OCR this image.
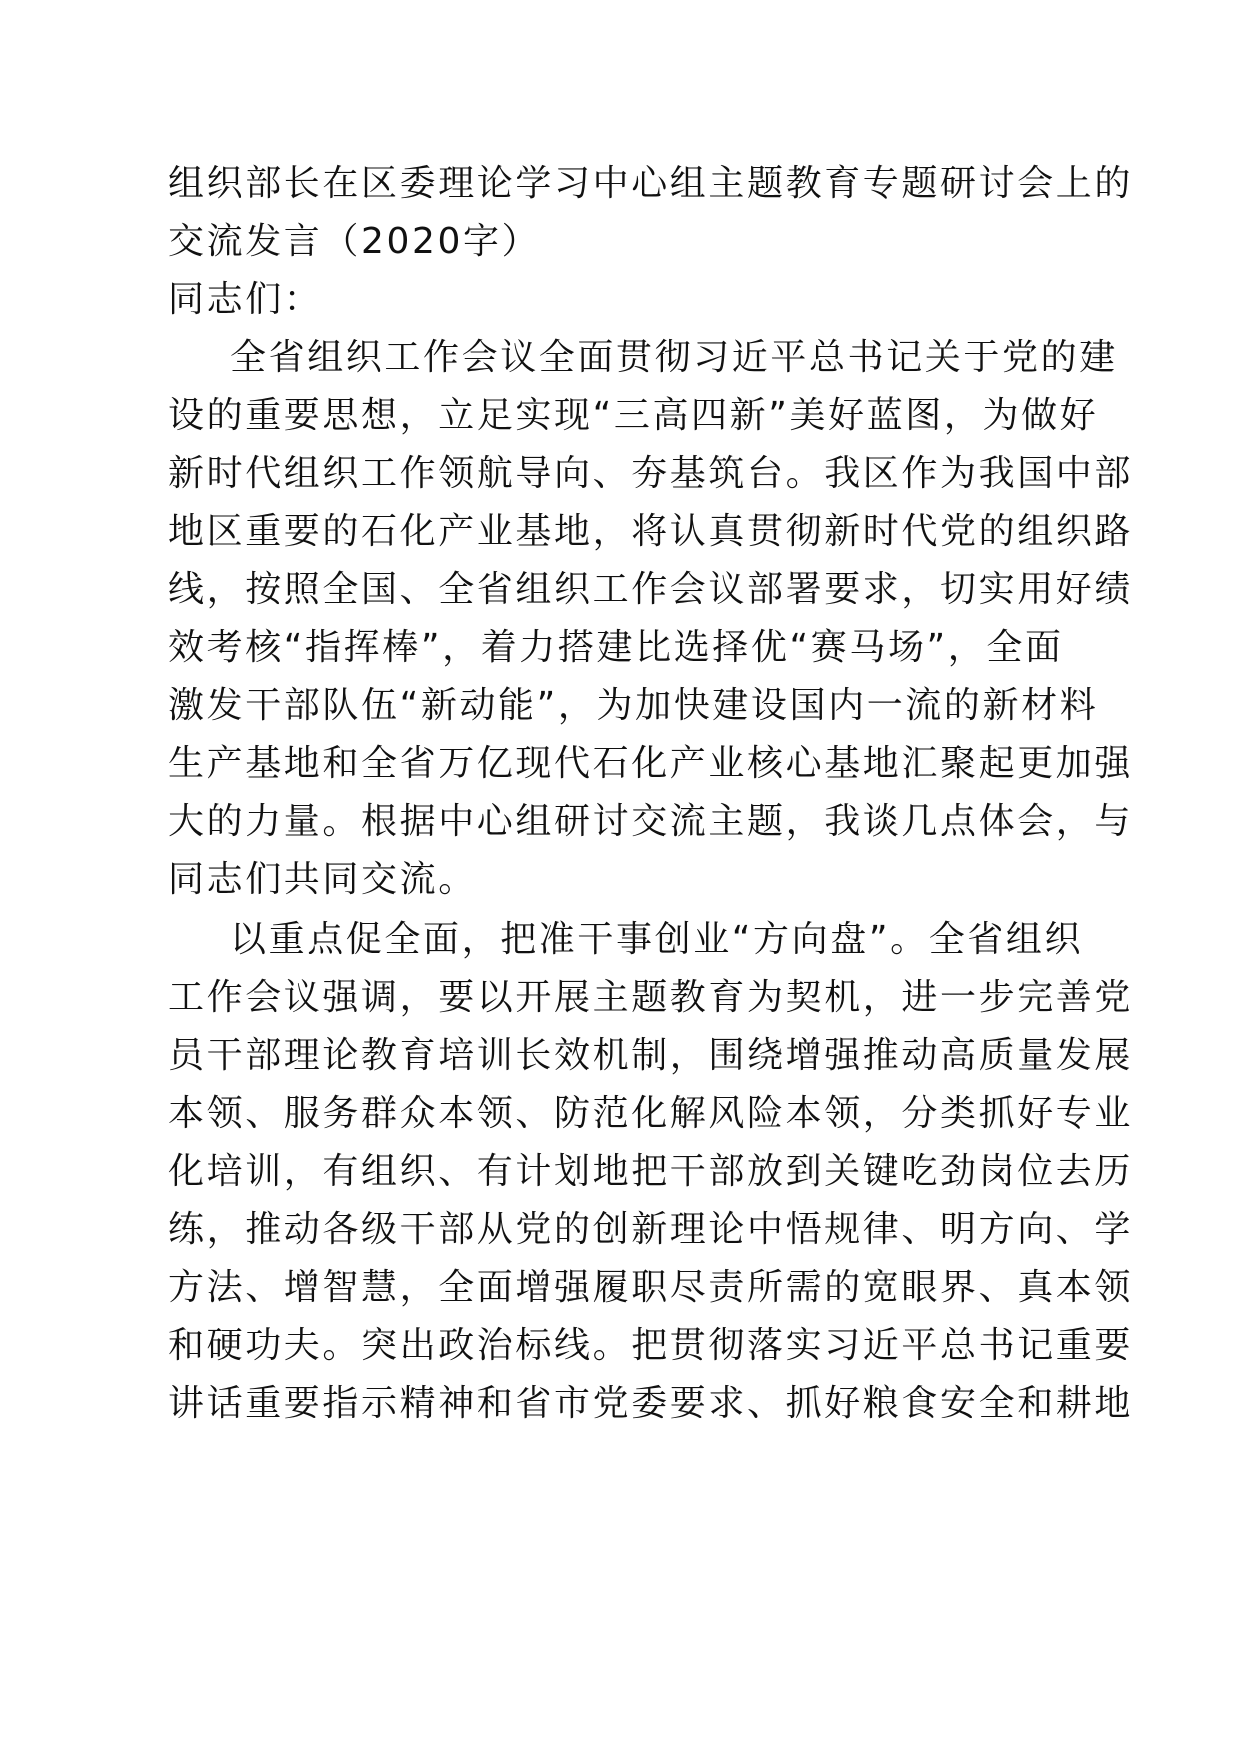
组织部长在区委理论学习中心组主题教育专题研讨会上的
交流发言（2020字）
同志们：
全省组织工作会议全面贯彻习近平总书记关于党的建
设的重要思想，立足实现“三高四新”美好蓝图，为做好
新时代组织工作领航导向、夯基筑台。我区作为我国中部
地区重要的石化产业基地，将认真贯彻新时代党的组织路
线，按照全国、全省组织工作会议部署要求，切实用好绩
效考核“指挥棒”，着力搭建比选择优“赛马场”，全面
激发干部队伍“新动能”，为加快建设国内一流的新材料
生产基地和全省万亿现代石化产业核心基地汇聚起更加强
大的力量。根据中心组研讨交流主题，我谈几点体会，与
同志们共同交流。
以重点促全面，把准干事创业“方向盘”。全省组织
工作会议强调，要以开展主题教育为契机，进一步完善党
员干部理论教育培训长效机制，围绕增强推动高质量发展
本领、服务群众本领、防范化解风险本领，分类抓好专业
化培训，有组织、有计划地把干部放到关键吃劲岗位去历
练，推动各级干部从党的创新理论中悟规律、明方向、学
方法、增智慧，全面增强履职尽责所需的宽眼界、真本领
和硬功夫。突出政治标线。把贯彻落实习近平总书记重要
讲话重要指示精神和省市党委要求、抓好粮食安全和耕地
